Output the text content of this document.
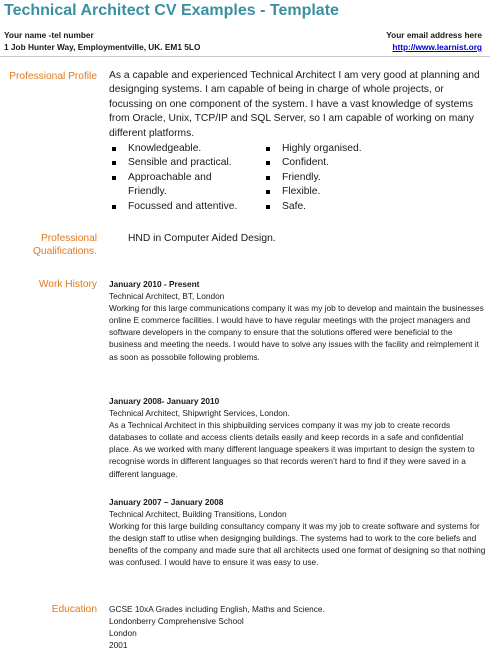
Technical Architect CV Examples - Template
Your name -tel number
1 Job Hunter Way, Employmentville, UK. EM1 5LO
Your email address here
http://www.learnist.org
Professional Profile As a capable and experienced Technical Architect I am very good at planning and designging systems. I am capable of being in charge of whole projects, or focussing on one component of the system. I have a vast knowledge of systems from Oracle, Unix, TCP/IP and SQL Server, so I am capable of working on many different platforms.
Knowledgeable.
Sensible and practical.
Approachable and Friendly.
Focussed and attentive.
Highly organised.
Confident.
Friendly.
Flexible.
Safe.
Professional
Qualifications.
HND in Computer Aided Design.
Work History January 2010 - Present
Technical Architect, BT, London
Working for this large communications company it was my job to develop and maintain the businesses online E commerce facilities. I would have to have regular meetings with the project managers and software developers in the company to ensure that the solutions offered were beneficial to the business and meeting the needs. I would have to solve any issues with the facility and reimplement it as soon as possobile following problems.
January 2008- January 2010
Technical Architect, Shipwright Services, London.
As a Technical Architect in this shipbuilding services company it was my job to create records databases to collate and access clients details easily and keep records in a safe and confidential place. As we worked with many different language speakers it was impırtant to design the system to recognise words in different languages so that records weren’t hard to find if they were saved in a different language.
January 2007 – January 2008
Technical Architect, Building Transitions, London
Working for this large building consultancy company it was my job to create software and systems for the design staff to utlise when designging buildings. The systems had to work to the core beliefs and benefits of the company and made sure that all architects used one format of designing so that nothing was confused. I would have to ensure it was easy to use.
Education GCSE 10xA Grades including English, Maths and Science.
Londonberry Comprehensive School
London
2001
